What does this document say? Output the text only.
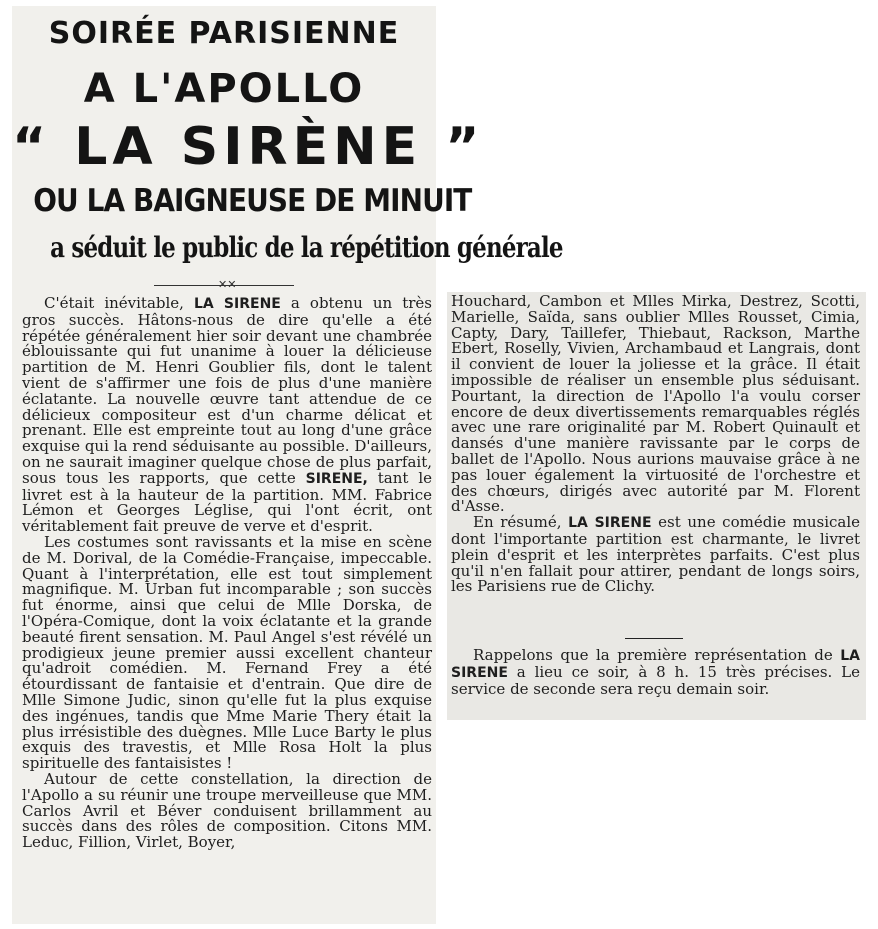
SOIRÉE PARISIENNE
A L'APOLLO
“ LA SIRÈNE ”
OU LA BAIGNEUSE DE MINUIT
a séduit le public de la répétition générale
✕✕

C'était inévitable, LA SIRENE a obtenu un très gros succès. Hâtons-nous de dire qu'elle a été répétée généralement hier soir devant une chambrée éblouissante qui fut unanime à louer la délicieuse partition de M. Henri Goublier fils, dont le talent vient de s'affirmer une fois de plus d'une manière éclatante. La nouvelle œuvre tant attendue de ce délicieux compositeur est d'un charme délicat et prenant. Elle est empreinte tout au long d'une grâce exquise qui la rend séduisante au possible. D'ailleurs, on ne saurait imaginer quelque chose de plus parfait, sous tous les rapports, que cette SIRENE, tant le livret est à la hauteur de la partition. MM. Fabrice Lémon et Georges Léglise, qui l'ont écrit, ont véritablement fait preuve de verve et d'esprit.

Les costumes sont ravissants et la mise en scène de M. Dorival, de la Comédie-Française, impeccable. Quant à l'interprétation, elle est tout simplement magnifique. M. Urban fut incomparable ; son succès fut énorme, ainsi que celui de Mlle Dorska, de l'Opéra-Comique, dont la voix éclatante et la grande beauté firent sensation. M. Paul Angel s'est révélé un prodigieux jeune premier aussi excellent chanteur qu'adroit comédien. M. Fernand Frey a été étourdissant de fantaisie et d'entrain. Que dire de Mlle Simone Judic, sinon qu'elle fut la plus exquise des ingénues, tandis que Mme Marie Thery était la plus irrésistible des duègnes. Mlle Luce Barty le plus exquis des travestis, et Mlle Rosa Holt la plus spirituelle des fantaisistes !

Autour de cette constellation, la direction de l'Apollo a su réunir une troupe merveilleuse que MM. Carlos Avril et Béver conduisent brillamment au succès dans des rôles de composition. Citons MM. Leduc, Fillion, Virlet, Boyer,

Houchard, Cambon et Mlles Mirka, Destrez, Scotti, Marielle, Saïda, sans oublier Mlles Rousset, Cimia, Capty, Dary, Taillefer, Thiebaut, Rackson, Marthe Ebert, Roselly, Vivien, Archambaud et Langrais, dont il convient de louer la joliesse et la grâce. Il était impossible de réaliser un ensemble plus séduisant. Pourtant, la direction de l'Apollo l'a voulu corser encore de deux divertissements remarquables réglés avec une rare originalité par M. Robert Quinault et dansés d'une manière ravissante par le corps de ballet de l'Apollo. Nous aurions mauvaise grâce à ne pas louer également la virtuosité de l'orchestre et des chœurs, dirigés avec autorité par M. Florent d'Asse.

En résumé, LA SIRENE est une comédie musicale dont l'importante partition est charmante, le livret plein d'esprit et les interprètes parfaits. C'est plus qu'il n'en fallait pour attirer, pendant de longs soirs, les Parisiens rue de Clichy.

Rappelons que la première représentation de LA SIRENE a lieu ce soir, à 8 h. 15 très précises. Le service de seconde sera reçu demain soir.
